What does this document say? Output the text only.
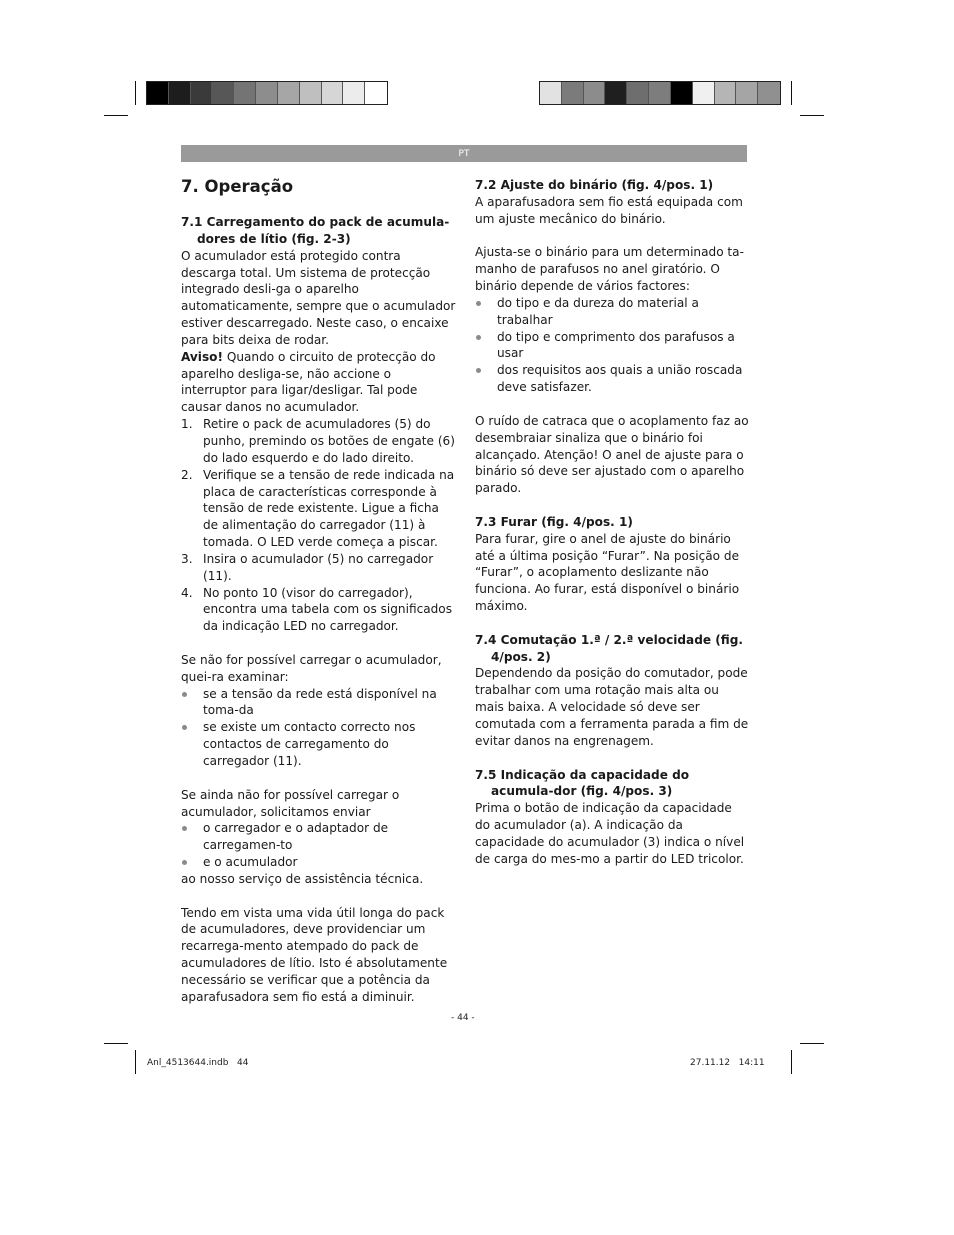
PT
7. Operação
7.1 Carregamento do pack de acumula-dores de lítio (fig. 2-3)

O acumulador está protegido contra descarga total. Um sistema de protecção integrado desli-ga o aparelho automaticamente, sempre que o acumulador estiver descarregado. Neste caso, o encaixe para bits deixa de rodar.

Aviso! Quando o circuito de protecção do aparelho desliga-se, não accione o interruptor para ligar/desligar. Tal pode causar danos no acumulador.

1. Retire o pack de acumuladores (5) do punho, premindo os botões de engate (6) do lado esquerdo e do lado direito.
2. Verifique se a tensão de rede indicada na placa de características corresponde à tensão de rede existente. Ligue a ficha de alimentação do carregador (11) à tomada. O LED verde começa a piscar.
3. Insira o acumulador (5) no carregador (11).
4. No ponto 10 (visor do carregador), encontra uma tabela com os significados da indicação LED no carregador.

Se não for possível carregar o acumulador, quei-ra examinar:

se a tensão da rede está disponível na toma-da
se existe um contacto correcto nos contactos de carregamento do carregador (11).

Se ainda não for possível carregar o acumulador, solicitamos enviar

o carregador e o adaptador de carregamen-to
e o acumulador

ao nosso serviço de assistência técnica.

Tendo em vista uma vida útil longa do pack de acumuladores, deve providenciar um recarrega-mento atempado do pack de acumuladores de lítio. Isto é absolutamente necessário se verificar que a potência da aparafusadora sem fio está a diminuir.

7.2 Ajuste do binário (fig. 4/pos. 1)

A aparafusadora sem fio está equipada com um ajuste mecânico do binário.

Ajusta-se o binário para um determinado ta-manho de parafusos no anel giratório. O binário depende de vários factores:

do tipo e da dureza do material a trabalhar
do tipo e comprimento dos parafusos a usar
dos requisitos aos quais a união roscada deve satisfazer.

O ruído de catraca que o acoplamento faz ao desembraiar sinaliza que o binário foi alcançado. Atenção! O anel de ajuste para o binário só deve ser ajustado com o aparelho parado.

7.3 Furar (fig. 4/pos. 1)

Para furar, gire o anel de ajuste do binário até a última posição “Furar”. Na posição de “Furar”, o acoplamento deslizante não funciona. Ao furar, está disponível o binário máximo.

7.4 Comutação 1.ª / 2.ª velocidade (fig. 4/pos. 2)

Dependendo da posição do comutador, pode trabalhar com uma rotação mais alta ou mais baixa. A velocidade só deve ser comutada com a ferramenta parada a fim de evitar danos na engrenagem.

7.5 Indicação da capacidade do acumula-dor (fig. 4/pos. 3)

Prima o botão de indicação da capacidade do acumulador (a). A indicação da capacidade do acumulador (3) indica o nível de carga do mes-mo a partir do LED tricolor.

- 44 -
Anl_4513644.indb   44	27.11.12   14:11
